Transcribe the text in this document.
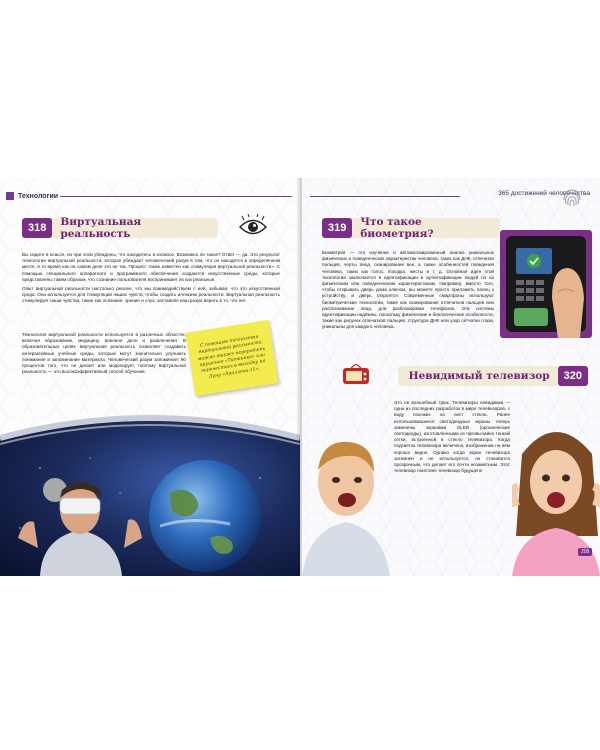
Технологии
318	Виртуальная реальность

Вы сидите в классе, но при этом убеждены, что находитесь в космосе. Возможно ли такое? Ответ — да. Это результат технологии виртуальной реальности, которая убеждает человеческий разум в том, что он находится в определённом месте, в то время как на самом деле это не так. Процесс также известен как «симуляция виртуальной реальности». С помощью специального аппаратного и программного обеспечения создаются искусственные среды, которые представлены таким образом, что сознание пользователя воспринимает их как реальные.

Опыт виртуальной реальности настолько реален, что мы взаимодействуем с ней, забывая, что это искусственная среда. Она используется для стимуляции наших чувств, чтобы создать иллюзию реальности. Виртуальная реальность стимулирует наши чувства, такие как осязание, зрение и слух, заставляя наш разум верить в то, что нет.

Технология виртуальной реальности используется в различных областях, включая образование, медицину, военное дело и развлечения. В образовательных целях виртуальная реальность позволяет создавать интерактивные учебные среды, которые могут значительно улучшить понимание и запоминание материала. Человеческий разум запоминает 90 процентов того, что он делает или моделирует, поэтому виртуальная реальность — это высокоэффективный способ обучения.

С помощью технологии виртуальной реальности можно также переродить крушение «Титаника» или перенестись в высадку на Луну «Аполлона-11».
365 достижений человечества
319	Что такое биометрия?

Биометрия — это изучение и автоматизированный анализ уникальных физических и поведенческих характеристик человека, таких как ДНК, отпечатки пальцев, черты лица, сканирование век, а также особенностей поведения человека, таких как голос, походка, жесты и т. д. Основная идея этой технологии заключается в идентификации и аутентификации людей по их физическим или поведенческим характеристикам. Например, вместо того, чтобы открывать дверь дома ключом, вы можете просто приложить палец к устройству, и дверь откроется. Современные смартфоны используют биометрические технологии, такие как сканирование отпечатков пальцев или распознавание лица, для разблокировки телефонов. Эти системы идентификации надёжны, поскольку физические и биологические особенности, такие как рисунок отпечатков пальцев, структура ДНК или узор сетчатки глаза, уникальны для каждого человека.

Невидимый телевизор	320

Это не волшебный трюк. Телевизоры невидимки — одна из последних разработок в мире телевизоров, с виду похожих на лист стекла. Ранее использовавшиеся светодиодные экраны теперь заменены экранами OLED (органические светодиоды), изготовленными из чрезвычайно тонкой сетки, встроенной в стекло телевизора. Когда подсветка телевизора включена, изображение на нём хорошо видно. Однако когда экран телевизора затемнён и не используется, он становится прозрачным, что делает его почти незаметным. Этот телевизор поистине телевизор будущего!

209
